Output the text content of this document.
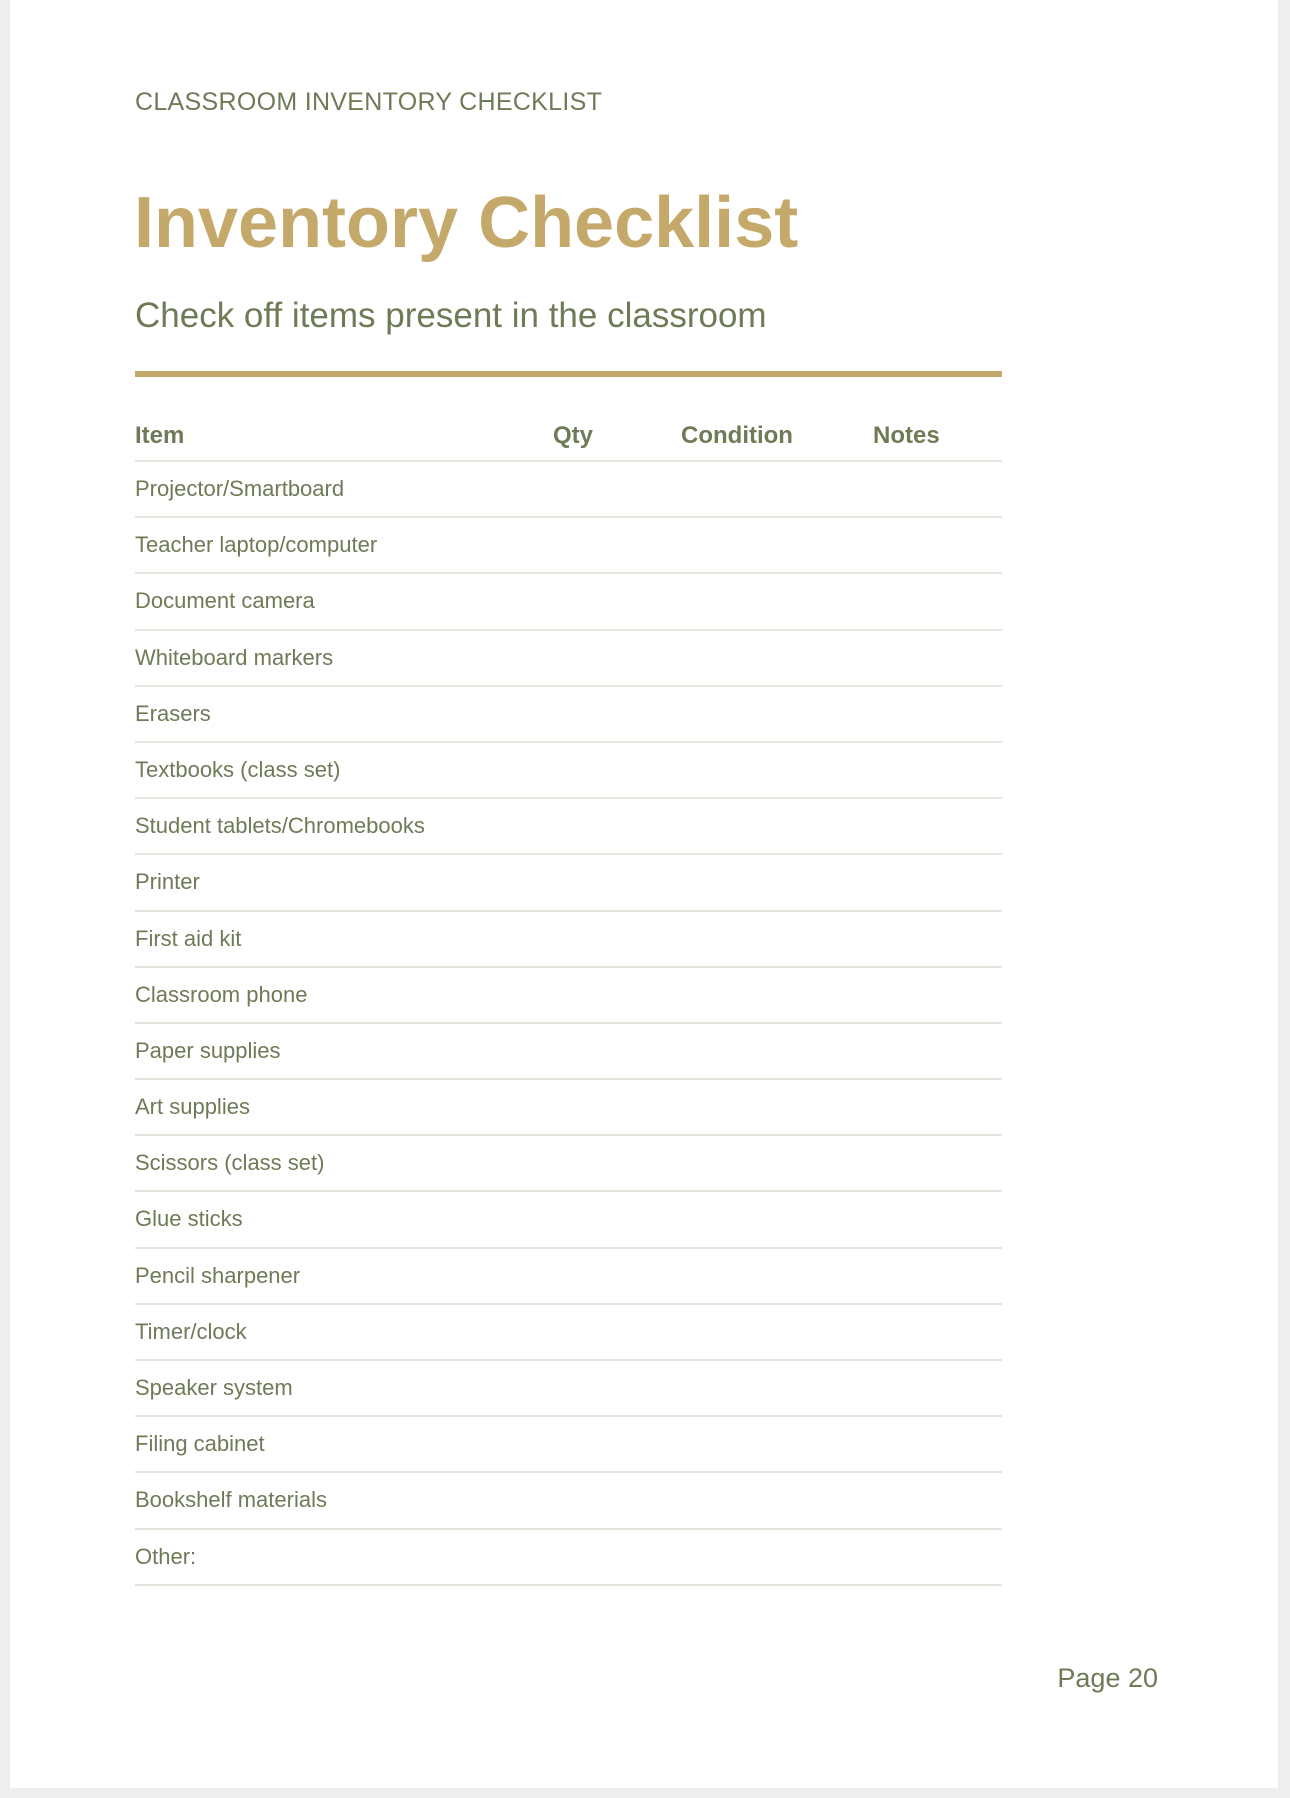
CLASSROOM INVENTORY CHECKLIST
Inventory Checklist
Check off items present in the classroom
Item	Qty	Condition	Notes
Projector/Smartboard
Teacher laptop/computer
Document camera
Whiteboard markers
Erasers
Textbooks (class set)
Student tablets/Chromebooks
Printer
First aid kit
Classroom phone
Paper supplies
Art supplies
Scissors (class set)
Glue sticks
Pencil sharpener
Timer/clock
Speaker system
Filing cabinet
Bookshelf materials
Other:
Page 20
